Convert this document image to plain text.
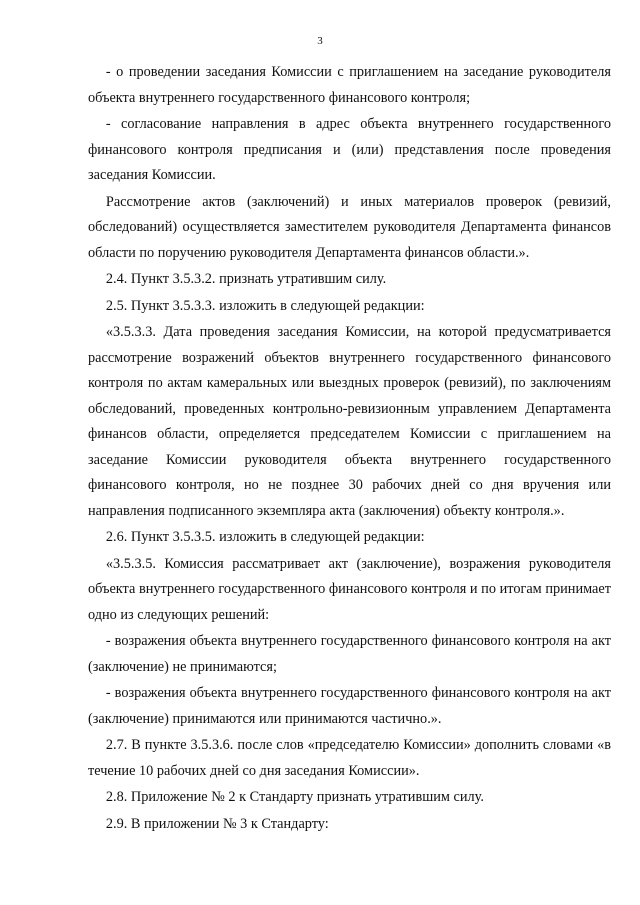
3

- о проведении заседания Комиссии с приглашением на заседание руководителя объекта внутреннего государственного финансового контроля;

- согласование направления в адрес объекта внутреннего государственного финансового контроля предписания и (или) представления после проведения заседания Комиссии.

Рассмотрение актов (заключений) и иных материалов проверок (ревизий, обследований) осуществляется заместителем руководителя Департамента финансов области по поручению руководителя Департамента финансов области.».

2.4. Пункт 3.5.3.2. признать утратившим силу.

2.5. Пункт 3.5.3.3. изложить в следующей редакции:

«3.5.3.3. Дата проведения заседания Комиссии, на которой предусматривается рассмотрение возражений объектов внутреннего государственного финансового контроля по актам камеральных или выездных проверок (ревизий), по заключениям обследований, проведенных контрольно-ревизионным управлением Департамента финансов области, определяется председателем Комиссии с приглашением на заседание Комиссии руководителя объекта внутреннего государственного финансового контроля, но не позднее 30 рабочих дней со дня вручения или направления подписанного экземпляра акта (заключения) объекту контроля.».

2.6. Пункт 3.5.3.5. изложить в следующей редакции:

«3.5.3.5. Комиссия рассматривает акт (заключение), возражения руководителя объекта внутреннего государственного финансового контроля и по итогам принимает одно из следующих решений:

- возражения объекта внутреннего государственного финансового контроля на акт (заключение) не принимаются;

- возражения объекта внутреннего государственного финансового контроля на акт (заключение) принимаются или принимаются частично.».

2.7. В пункте 3.5.3.6. после слов «председателю Комиссии» дополнить словами «в течение 10 рабочих дней со дня заседания Комиссии».

2.8. Приложение № 2 к Стандарту признать утратившим силу.

2.9. В приложении № 3 к Стандарту:
